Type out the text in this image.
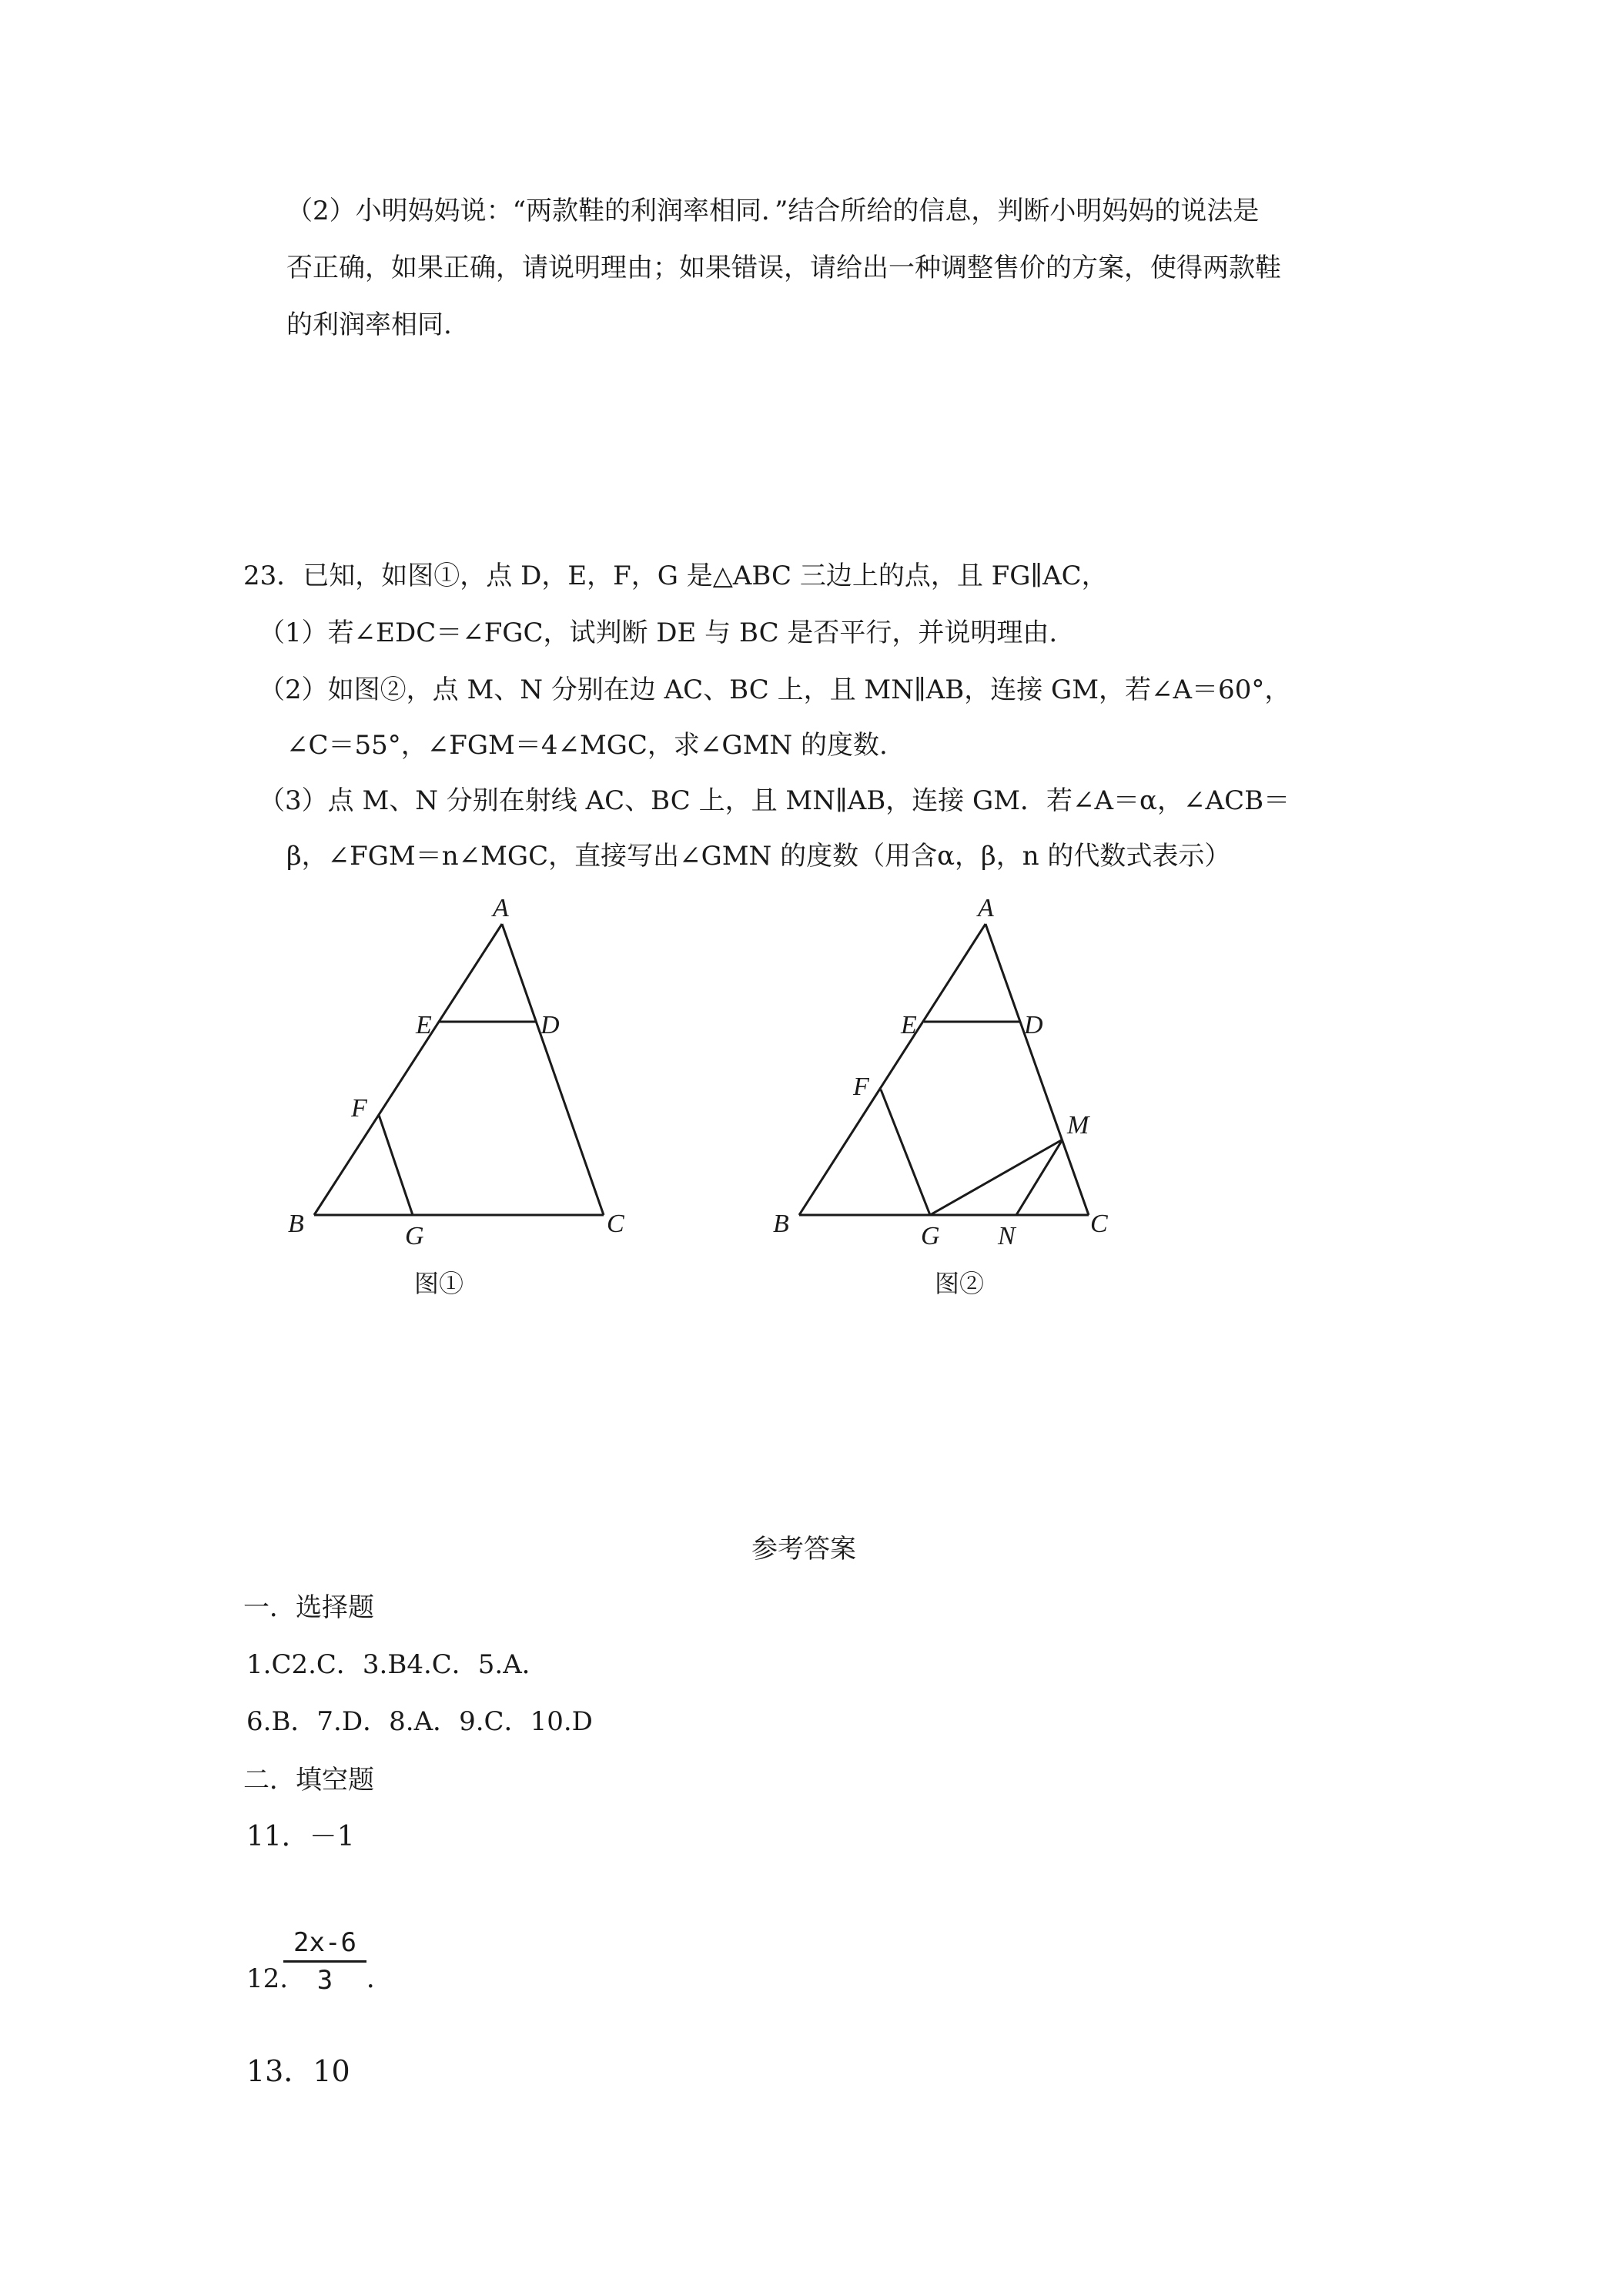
（2）小明妈妈说：“两款鞋的利润率相同．”结合所给的信息，判断小明妈妈的说法是
否正确，如果正确，请说明理由；如果错误，请给出一种调整售价的方案，使得两款鞋
的利润率相同.
23．已知，如图①，点 D，E，F，G 是△ABC 三边上的点，且 FG∥AC，
（1）若∠EDC＝∠FGC，试判断 DE 与 BC 是否平行，并说明理由.
（2）如图②，点 M、N 分别在边 AC、BC 上，且 MN∥AB，连接 GM，若∠A＝60°，
∠C＝55°，∠FGM＝4∠MGC，求∠GMN 的度数.
（3）点 M、N 分别在射线 AC、BC 上，且 MN∥AB，连接 GM．若∠A＝α，∠ACB＝
β，∠FGM＝n∠MGC，直接写出∠GMN 的度数（用含α，β，n 的代数式表示）
A
E	D
F
B	G	C
图①
A
E	D
F
M
B	G N	C
图②
参考答案
一．选择题
1.C2.C．3.B4.C．5.A．
6.B．7.D．8.A．9.C．10.D
二．填空题
11．－1
12.
2x-6
3	．
13．10
